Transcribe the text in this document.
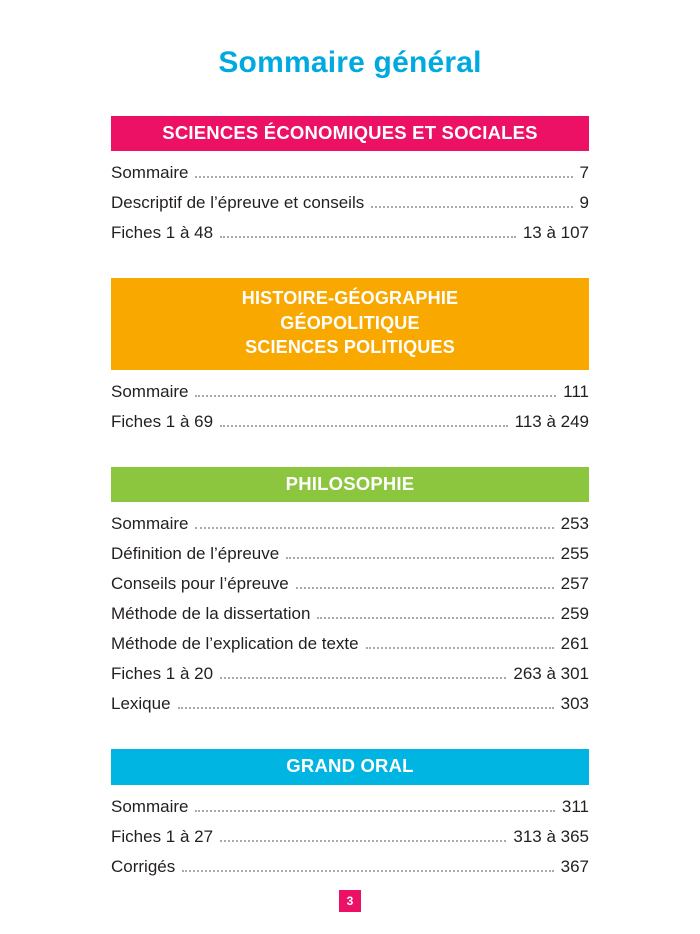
Sommaire général
SCIENCES ÉCONOMIQUES ET SOCIALES
Sommaire	7
Descriptif de l’épreuve et conseils	9
Fiches 1 à 48	13 à 107
HISTOIRE-GÉOGRAPHIE
GÉOPOLITIQUE
SCIENCES POLITIQUES
Sommaire	111
Fiches 1 à 69	113 à 249
PHILOSOPHIE
Sommaire	253
Définition de l’épreuve	255
Conseils pour l’épreuve	257
Méthode de la dissertation	259
Méthode de l’explication de texte	261
Fiches 1 à 20	263 à 301
Lexique	303
GRAND ORAL
Sommaire	311
Fiches 1 à 27	313 à 365
Corrigés	367
3
